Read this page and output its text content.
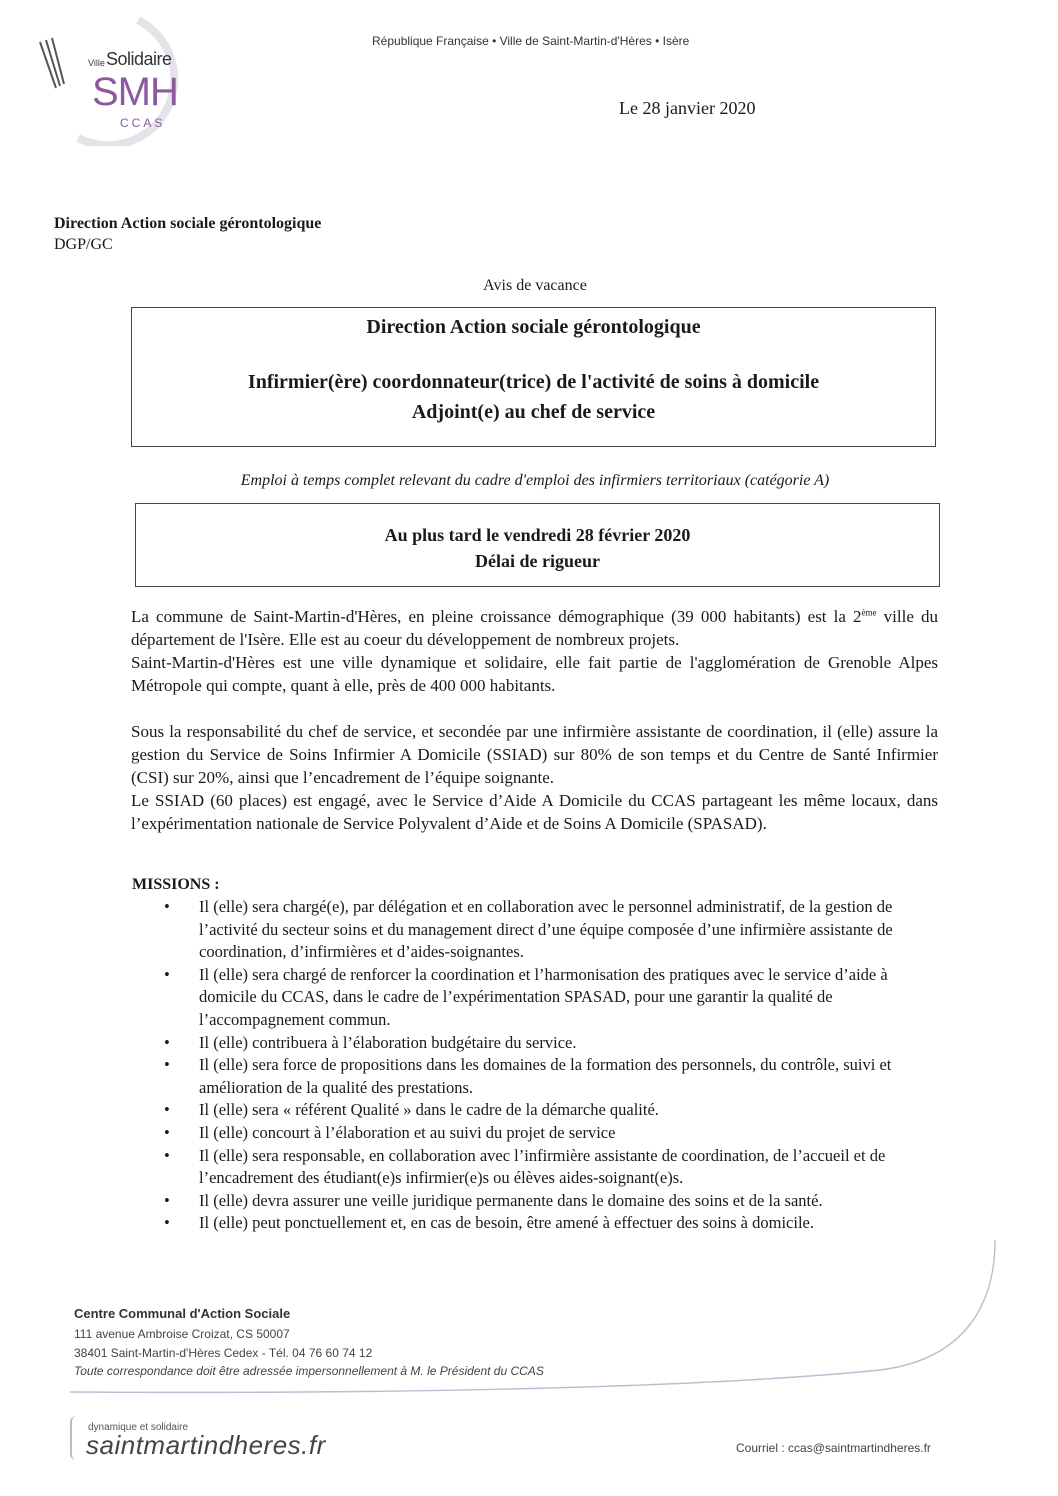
Ville Solidaire
SMH
CCAS
République Française • Ville de Saint-Martin-d'Hères • Isère
Le 28 janvier 2020
Direction Action sociale gérontologique
DGP/GC
Avis de vacance
Direction Action sociale gérontologique
Infirmier(ère) coordonnateur(trice) de l'activité de soins à domicile
Adjoint(e) au chef de service
Emploi à temps complet relevant du cadre d'emploi des infirmiers territoriaux (catégorie A)
Au plus tard le vendredi 28 février 2020
Délai de rigueur

La commune de Saint-Martin-d'Hères, en pleine croissance démographique (39 000 habitants) est la 2ème ville du département de l'Isère. Elle est au coeur du développement de nombreux projets.

Saint-Martin-d'Hères est une ville dynamique et solidaire, elle fait partie de l'agglomération de Grenoble Alpes Métropole qui compte, quant à elle, près de 400 000 habitants.

Sous la responsabilité du chef de service, et secondée par une infirmière assistante de coordination, il (elle) assure la gestion du Service de Soins Infirmier A Domicile (SSIAD) sur 80% de son temps et du Centre de Santé Infirmier (CSI) sur 20%, ainsi que l’encadrement de l’équipe soignante.

Le SSIAD (60 places) est engagé, avec le Service d’Aide A Domicile du CCAS partageant les même locaux, dans l’expérimentation nationale de Service Polyvalent d’Aide et de Soins A Domicile (SPASAD).

MISSIONS :
• Il (elle) sera chargé(e), par délégation et en collaboration avec le personnel administratif, de la gestion de l’activité du secteur soins et du management direct d’une équipe composée d’une infirmière assistante de coordination, d’infirmières et d’aides-soignantes.
• Il (elle) sera chargé de renforcer la coordination et l’harmonisation des pratiques avec le service d’aide à domicile du CCAS, dans le cadre de l’expérimentation SPASAD, pour une garantir la qualité de l’accompagnement commun.
• Il (elle) contribuera à l’élaboration budgétaire du service.
• Il (elle) sera force de propositions dans les domaines de la formation des personnels, du contrôle, suivi et amélioration de la qualité des prestations.
• Il (elle) sera « référent Qualité » dans le cadre de la démarche qualité.
• Il (elle) concourt à l’élaboration et au suivi du projet de service
• Il (elle) sera responsable, en collaboration avec l’infirmière assistante de coordination, de l’accueil et de l’encadrement des étudiant(e)s infirmier(e)s ou élèves aides-soignant(e)s.
• Il (elle) devra assurer une veille juridique permanente dans le domaine des soins et de la santé.
• Il (elle) peut ponctuellement et, en cas de besoin, être amené à effectuer des soins à domicile.
Centre Communal d'Action Sociale
111 avenue Ambroise Croizat, CS 50007
38401 Saint-Martin-d'Hères Cedex - Tél. 04 76 60 74 12
Toute correspondance doit être adressée impersonnellement à M. le Président du CCAS
dynamique et solidaire
saintmartindheres.fr	Courriel : ccas@saintmartindheres.fr
